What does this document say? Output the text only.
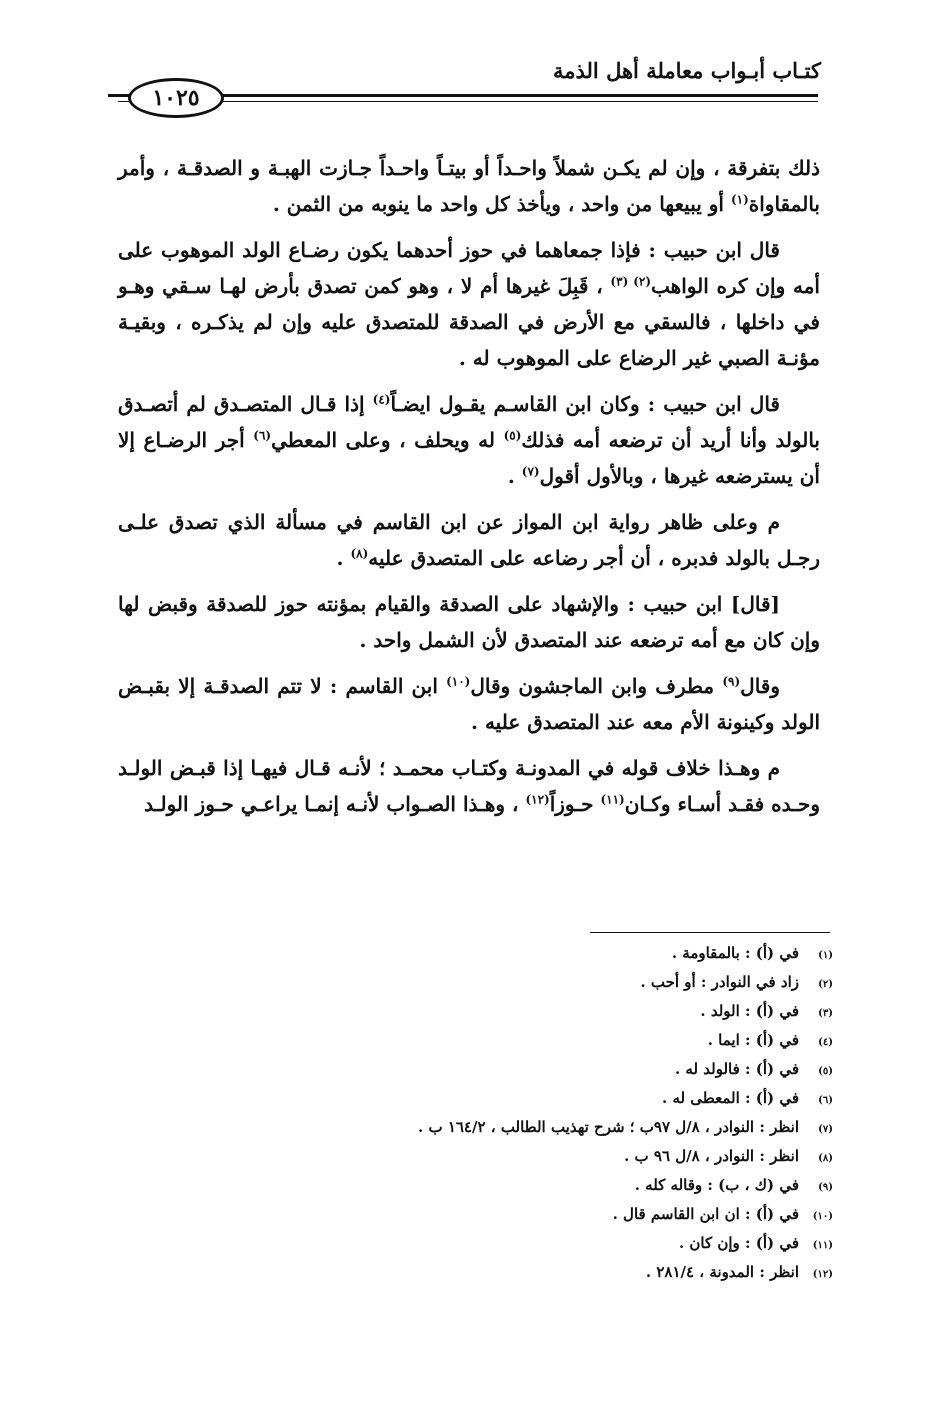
كتـاب أبـواب معاملة أهل الذمة
١٠٢٥

ذلك بتفرقة ، وإن لم يكـن شملاً واحـداً أو بيتـاً واحـداً جـازت الهبـة و الصدقـة ، وأمر بالمقاواة$^{(١)}$ أو يبيعها من واحد ، ويأخذ كل واحد ما ينوبه من الثمن .

قال ابن حبيب : فإذا جمعاهما في حوز أحدهما يكون رضـاع الولد الموهوب على أمه وإن كره الواهب$^{(٢) (٣)}$ ، قَبِلَ غيرها أم لا ، وهو كمن تصدق بأرض لهـا سـقي وهـو في داخلها ، فالسقي مع الأرض في الصدقة للمتصدق عليه وإن لم يذكـره ، وبقيـة مؤنـة الصبي غير الرضاع على الموهوب له .

قال ابن حبيب : وكان ابن القاسـم يقـول ايضـاً$^{(٤)}$ إذا قـال المتصـدق لم أتصـدق بالولد وأنا أريد أن ترضعه أمه فذلك$^{(٥)}$ له ويحلف ، وعلى المعطي$^{(٦)}$ أجر الرضـاع إلا أن يسترضعه غيرها ، وبالأول أقول$^{(٧)}$ .

م وعلى ظاهر رواية ابن المواز عن ابن القاسم في مسألة الذي تصدق علـى رجـل بالولد فدبره ، أن أجر رضاعه على المتصدق عليه$^{(٨)}$ .

[قال] ابن حبيب : والإشهاد على الصدقة والقيام بمؤنته حوز للصدقة وقبض لها وإن كان مع أمه ترضعه عند المتصدق لأن الشمل واحد .

وقال$^{(٩)}$ مطرف وابن الماجشون وقال$^{(١٠)}$ ابن القاسم : لا تتم الصدقـة إلا بقبـض الولد وكينونة الأم معه عند المتصدق عليه .

م وهـذا خلاف قوله في المدونـة وكتـاب محمـد ؛ لأنـه قـال فيهـا إذا قبـض الولـد وحـده فقـد أسـاء وكـان$^{(١١)}$ حـوزاً$^{(١٢)}$ ، وهـذا الصـواب لأنـه إنمـا يراعـي حـوز الولـد

(١)
في (أ) : بالمقاومة .
(٢)
زاد في النوادر : أو أحب .
(٣)
في (أ) : الولد .
(٤)
في (أ) : ايما .
(٥)
في (أ) : فالولد له .
(٦)
في (أ) : المعطى له .
(٧)
انظر : النوادر ، ٨/ل ٩٧ب ؛ شرح تهذيب الطالب ، ١٦٤/٢ ب .
(٨)
انظر : النوادر ، ٨/ل ٩٦ ب .
(٩)
في (ك ، ب) : وقاله كله .
(١٠)
في (أ) : ان ابن القاسم قال .
(١١)
في (أ) : وإن كان .
(١٢)
انظر : المدونة ، ٢٨١/٤ .
